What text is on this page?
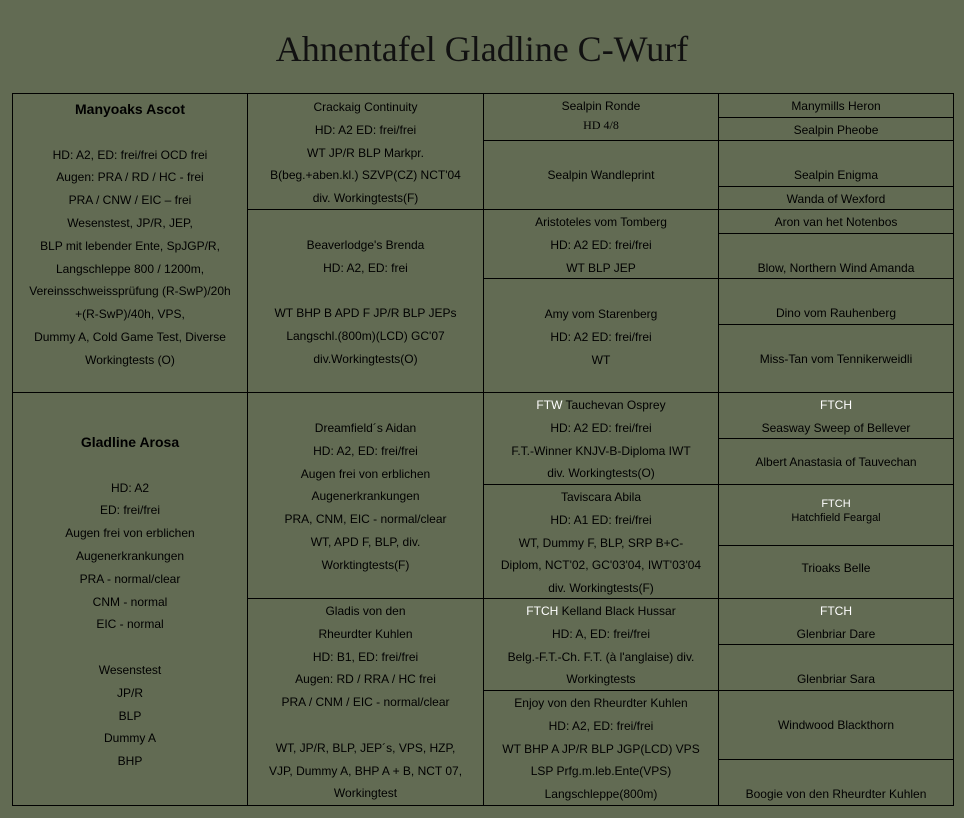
Ahnentafel Gladline C-Wurf
Manyoaks Ascot

HD: A2, ED: frei/frei OCD frei
Augen: PRA / RD / HC - frei
PRA / CNW / EIC – frei
Wesenstest, JP/R, JEP,
BLP mit lebender Ente, SpJGP/R,
Langschleppe 800 / 1200m,
Vereinsschweissprüfung (R-SwP)/20h
+(R-SwP)/40h, VPS,
Dummy A, Cold Game Test, Diverse
Workingtests (O)
Gladline Arosa

HD: A2
ED: frei/frei
Augen frei von erblichen
Augenerkrankungen
PRA - normal/clear
CNM - normal
EIC - normal

Wesenstest
JP/R
BLP
Dummy A
BHP
Crackaig Continuity
HD: A2 ED: frei/frei
WT JP/R BLP Markpr.
B(beg.+aben.kl.) SZVP(CZ) NCT'04
div. Workingtests(F)
Beaverlodge's Brenda
HD: A2, ED: frei

WT BHP B APD F JP/R BLP JEPs
Langschl.(800m)(LCD) GC'07
div.Workingtests(O)
Dreamfield´s Aidan
HD: A2, ED: frei/frei
Augen frei von erblichen
Augenerkrankungen
PRA, CNM, EIC - normal/clear
WT, APD F, BLP, div.
Worktingtests(F)
Gladis von den
Rheurdter Kuhlen
HD: B1, ED: frei/frei
Augen: RD / RRA / HC frei
PRA / CNM / EIC - normal/clear

WT, JP/R, BLP, JEP´s, VPS, HZP,
VJP, Dummy A, BHP A + B, NCT 07,
Workingtest
Sealpin Ronde
HD 4/8
Sealpin Wandleprint
Aristoteles vom Tomberg
HD: A2 ED: frei/frei
WT BLP JEP
Amy vom Starenberg
HD: A2 ED: frei/frei
WT
FTW Tauchevan Osprey
HD: A2 ED: frei/frei
F.T.-Winner KNJV-B-Diploma IWT
div. Workingtests(O)
Taviscara Abila
HD: A1 ED: frei/frei
WT, Dummy F, BLP, SRP B+C-
Diplom, NCT'02, GC'03'04, IWT'03'04
div. Workingtests(F)
FTCH Kelland Black Hussar
HD: A, ED: frei/frei
Belg.-F.T.-Ch. F.T. (à l'anglaise) div.
Workingtests
Enjoy von den Rheurdter Kuhlen
HD: A2, ED: frei/frei
WT BHP A JP/R BLP JGP(LCD) VPS
LSP Prfg.m.leb.Ente(VPS)
Langschleppe(800m)
Manymills Heron
Sealpin Pheobe
Sealpin Enigma
Wanda of Wexford
Aron van het Notenbos
Blow, Northern Wind Amanda
Dino vom Rauhenberg
Miss-Tan vom Tennikerweidli
FTCH
Seasway Sweep of Bellever
Albert Anastasia of Tauvechan
FTCH
Hatchfield Feargal
Trioaks Belle
FTCH
Glenbriar Dare
Glenbriar Sara
Windwood Blackthorn
Boogie von den Rheurdter Kuhlen
